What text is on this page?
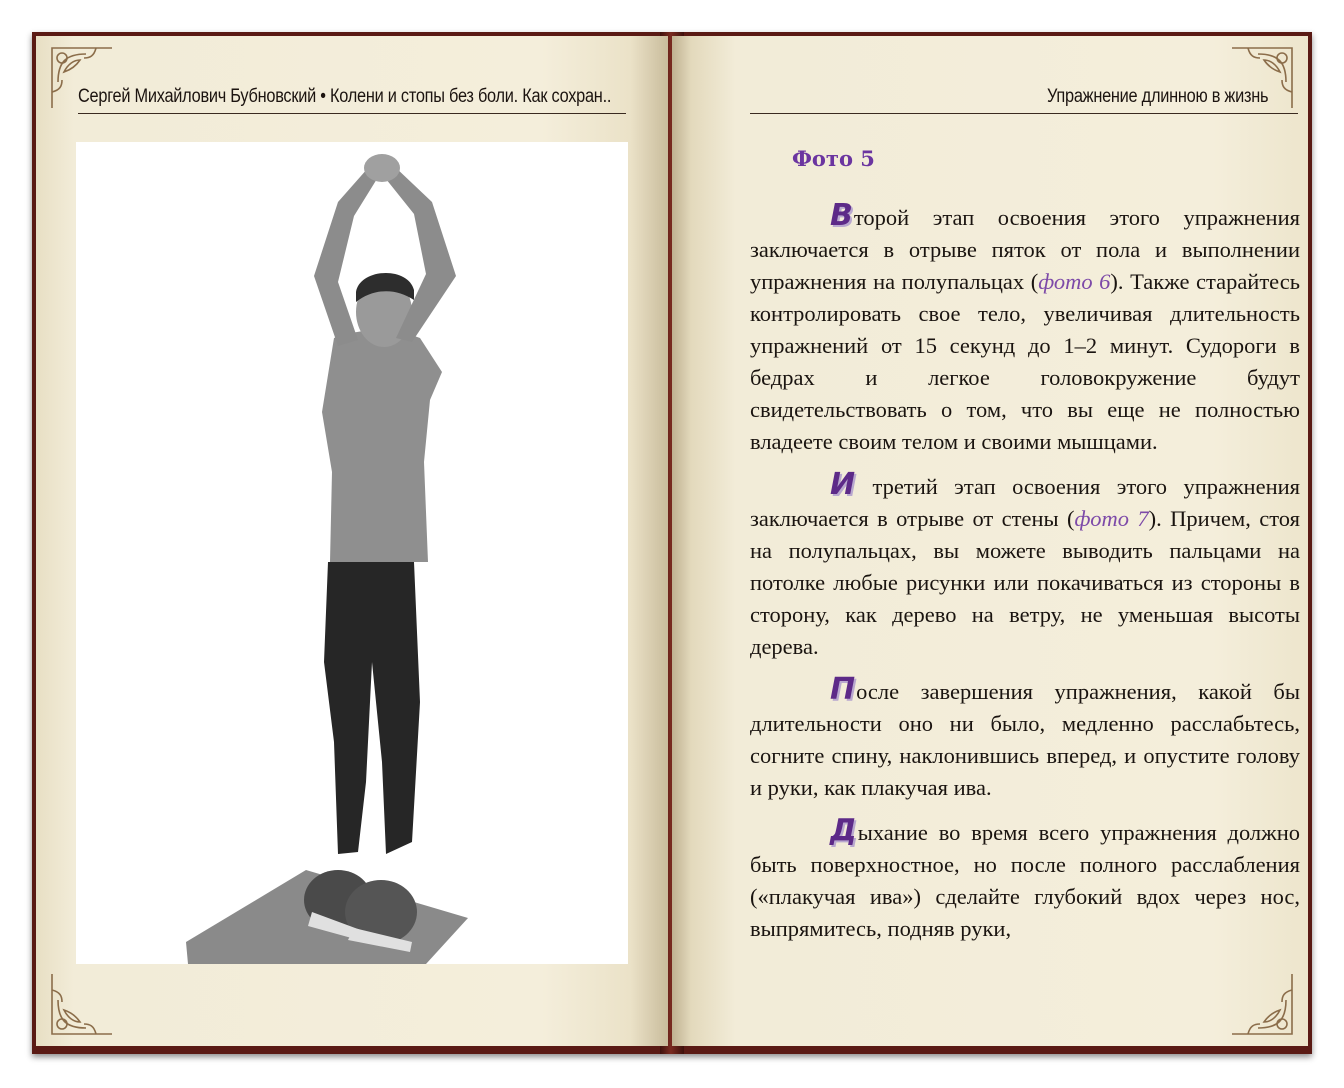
Сергей Михайлович Бубновский • Колени и стопы без боли. Как сохран..	Упражнение длинною в жизнь
Фото 5

Второй этап освоения этого упражнения заключается в отрыве пяток от пола и выполнении упражнения на полупальцах (фото 6). Также старайтесь контролировать свое тело, увеличивая длительность упражнений от 15 секунд до 1–2 минут. Судороги в бедрах и легкое головокружение будут свидетельствовать о том, что вы еще не полностью владеете своим телом и своими мышцами.

И третий этап освоения этого упражнения заключается в отрыве от стены (фото 7). Причем, стоя на полупальцах, вы можете выводить пальцами на потолке любые рисунки или покачиваться из стороны в сторону, как дерево на ветру, не уменьшая высоты дерева.

После завершения упражнения, какой бы длительности оно ни было, медленно расслабьтесь, согните спину, наклонившись вперед, и опустите голову и руки, как плакучая ива.

Дыхание во время всего упражнения должно быть поверхностное, но после полного расслабления («плакучая ива») сделайте глубокий вдох через нос, выпрямитесь, подняв руки,
